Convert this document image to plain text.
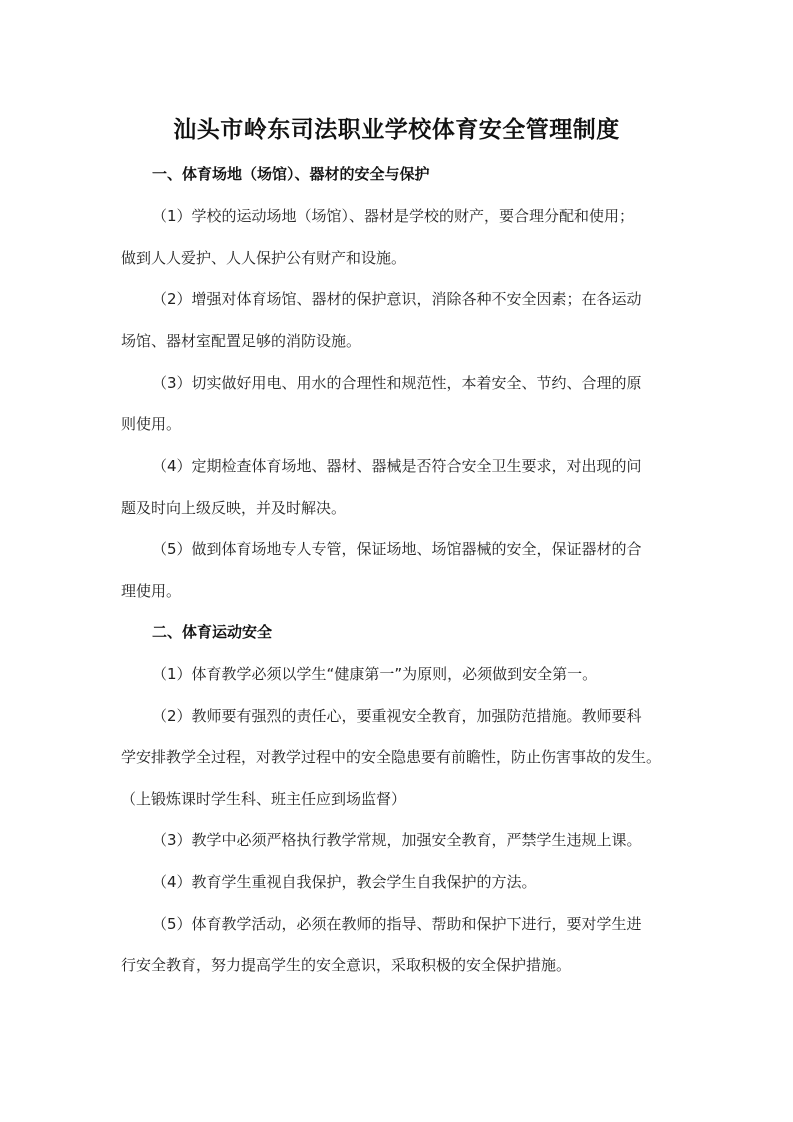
汕头市岭东司法职业学校体育安全管理制度
一、体育场地（场馆）、器材的安全与保护
（1）学校的运动场地（场馆）、器材是学校的财产，要合理分配和使用；
做到人人爱护、人人保护公有财产和设施。
（2）增强对体育场馆、器材的保护意识，消除各种不安全因素；在各运动
场馆、器材室配置足够的消防设施。
（3）切实做好用电、用水的合理性和规范性，本着安全、节约、合理的原
则使用。
（4）定期检查体育场地、器材、器械是否符合安全卫生要求，对出现的问
题及时向上级反映，并及时解决。
（5）做到体育场地专人专管，保证场地、场馆器械的安全，保证器材的合
理使用。
二、体育运动安全
（1）体育教学必须以学生“健康第一”为原则，必须做到安全第一。
（2）教师要有强烈的责任心，要重视安全教育，加强防范措施。教师要科
学安排教学全过程，对教学过程中的安全隐患要有前瞻性，防止伤害事故的发生。
（上锻炼课时学生科、班主任应到场监督）
（3）教学中必须严格执行教学常规，加强安全教育，严禁学生违规上课。
（4）教育学生重视自我保护，教会学生自我保护的方法。
（5）体育教学活动，必须在教师的指导、帮助和保护下进行，要对学生进
行安全教育，努力提高学生的安全意识，采取积极的安全保护措施。
